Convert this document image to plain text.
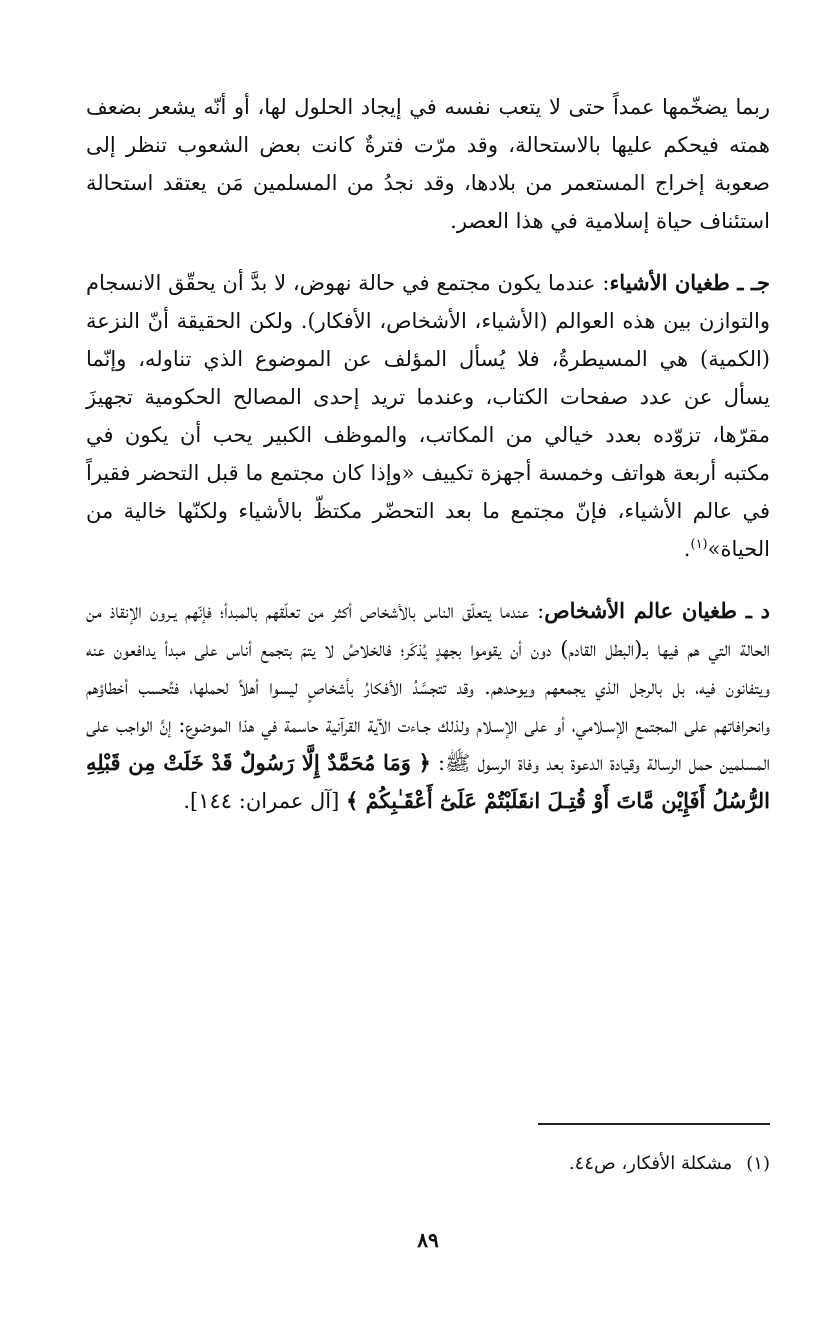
ربما يضخّمها عمداً حتى لا يتعب نفسه في إيجاد الحلول لها، أو أنّه يشعر بضعف همته فيحكم عليها بالاستحالة، وقد مرّت فترةٌ كانت بعض الشعوب تنظر إلى صعوبة إخراج المستعمر من بلادها، وقد نجدُ من المسلمين مَن يعتقد استحالة استئناف حياة إسلامية في هذا العصر.

جـ ـ طغيان الأشياء: عندما يكون مجتمع في حالة نهوض، لا بدَّ أن يحقّق الانسجام والتوازن بين هذه العوالم (الأشياء، الأشخاص، الأفكار). ولكن الحقيقة أنّ النزعة (الكمية) هي المسيطرةُ، فلا يُسأل المؤلف عن الموضوع الذي تناوله، وإنّما يسأل عن عدد صفحات الكتاب، وعندما تريد إحدى المصالح الحكومية تجهيزَ مقرّها، تزوّده بعدد خيالي من المكاتب، والموظف الكبير يحب أن يكون في مكتبه أربعة هواتف وخمسة أجهزة تكييف «وإذا كان مجتمع ما قبل التحضر فقيراً في عالم الأشياء، فإنّ مجتمع ما بعد التحضّر مكتظّ بالأشياء ولكنّها خالية من الحياة»$^{(١)}$.

د ـ طغيان عالم الأشخاص: عندما يتعلّق الناس بالأشخاص أكثر من تعلّقهم بالمبدأ؛ فإنّهم يـرون الإنقاذ من الحالة التي هم فيها بـ(البطل القادم) دون أن يقوموا بجهدٍ يُذكَر؛ فالخلاصُ لا يتمّ بتجمع أناس على مبدأ يدافعون عنه ويتفانون فيه، بل بالرجل الذي يجمعهم ويوحدهم. وقد تتجسَّدُ الأفكارُ بأشخاصٍ ليسوا أهلاً لحملها، فتُحسب أخطاؤهم وانحرافاتهم على المجتمع الإسـلامي، أو على الإسـلام ولذلك جـاءت الآية القرآنية حاسمة في هذا الموضوع: إنَّ الواجب على المسلمين حمل الرسالة وقيادة الدعوة بعد وفاة الرسول ﷺ: ﴿ وَمَا مُحَمَّدٌ إِلَّا رَسُولٌ قَدْ خَلَتْ مِن قَبْلِهِ الرُّسُلُ أَفَإِيْن مَّاتَ أَوْ قُتِـلَ انقَلَبْتُمْ عَلَىٰٓ أَعْقَـٰبِكُمْ ﴾ [آل عمران: ١٤٤].

(١)مشكلة الأفكار، ص٤٤.
٨٩
